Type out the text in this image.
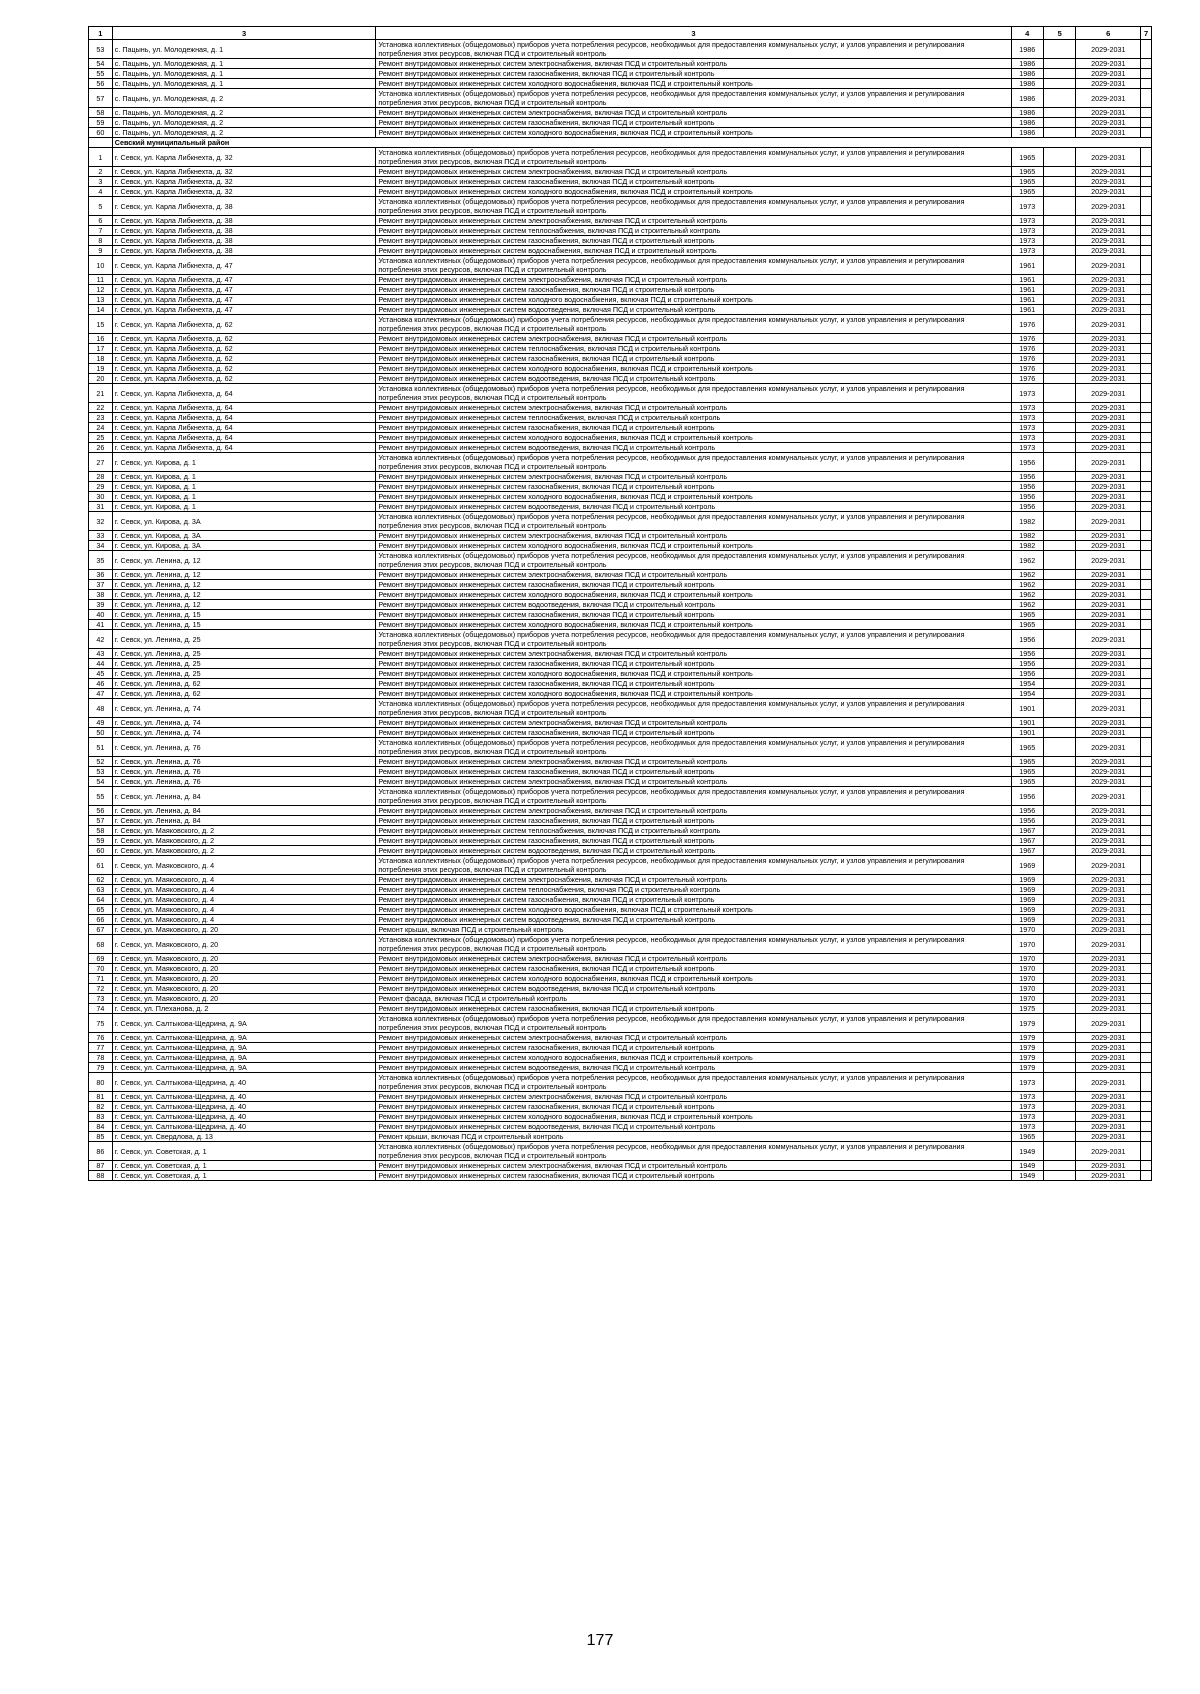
1	3	3	4	5	6	7
53	с. Пацынь, ул. Молодежная, д. 1	Установка коллективных (общедомовых) приборов учета потребления ресурсов, необходимых для предоставления коммунальных услуг, и узлов управления и регулирования потребления этих ресурсов, включая ПСД и строительный контроль	1986		2029-2031	
54	с. Пацынь, ул. Молодежная, д. 1	Ремонт внутридомовых инженерных систем электроснабжения, включая ПСД и строительный контроль	1986		2029-2031	
55	с. Пацынь, ул. Молодежная, д. 1	Ремонт внутридомовых инженерных систем газоснабжения, включая ПСД и строительный контроль	1986		2029-2031	
56	с. Пацынь, ул. Молодежная, д. 1	Ремонт внутридомовых инженерных систем холодного водоснабжения, включая ПСД и строительный контроль	1986		2029-2031	
57	с. Пацынь, ул. Молодежная, д. 2	Установка коллективных (общедомовых) приборов учета потребления ресурсов, необходимых для предоставления коммунальных услуг, и узлов управления и регулирования потребления этих ресурсов, включая ПСД и строительный контроль	1986		2029-2031	
58	с. Пацынь, ул. Молодежная, д. 2	Ремонт внутридомовых инженерных систем электроснабжения, включая ПСД и строительный контроль	1986		2029-2031	
59	с. Пацынь, ул. Молодежная, д. 2	Ремонт внутридомовых инженерных систем газоснабжения, включая ПСД и строительный контроль	1986		2029-2031	
60	с. Пацынь, ул. Молодежная, д. 2	Ремонт внутридомовых инженерных систем холодного водоснабжения, включая ПСД и строительный контроль	1986		2029-2031	
	Севский муниципальный район					
1	г. Севск, ул. Карла Либкнехта, д. 32	Установка коллективных (общедомовых) приборов учета потребления ресурсов, необходимых для предоставления коммунальных услуг, и узлов управления и регулирования потребления этих ресурсов, включая ПСД и строительный контроль	1965		2029-2031	
2	г. Севск, ул. Карла Либкнехта, д. 32	Ремонт внутридомовых инженерных систем электроснабжения, включая ПСД и строительный контроль	1965		2029-2031	
3	г. Севск, ул. Карла Либкнехта, д. 32	Ремонт внутридомовых инженерных систем газоснабжения, включая ПСД и строительный контроль	1965		2029-2031	
4	г. Севск, ул. Карла Либкнехта, д. 32	Ремонт внутридомовых инженерных систем холодного водоснабжения, включая ПСД и строительный контроль	1965		2029-2031	
5	г. Севск, ул. Карла Либкнехта, д. 38	Установка коллективных (общедомовых) приборов учета потребления ресурсов, необходимых для предоставления коммунальных услуг, и узлов управления и регулирования потребления этих ресурсов, включая ПСД и строительный контроль	1973		2029-2031	
6	г. Севск, ул. Карла Либкнехта, д. 38	Ремонт внутридомовых инженерных систем электроснабжения, включая ПСД и строительный контроль	1973		2029-2031	
7	г. Севск, ул. Карла Либкнехта, д. 38	Ремонт внутридомовых инженерных систем теплоснабжения, включая ПСД и строительный контроль	1973		2029-2031	
8	г. Севск, ул. Карла Либкнехта, д. 38	Ремонт внутридомовых инженерных систем газоснабжения, включая ПСД и строительный контроль	1973		2029-2031	
9	г. Севск, ул. Карла Либкнехта, д. 38	Ремонт внутридомовых инженерных систем водоснабжения, включая ПСД и строительный контроль	1973		2029-2031	
10	г. Севск, ул. Карла Либкнехта, д. 47	Установка коллективных (общедомовых) приборов учета потребления ресурсов, необходимых для предоставления коммунальных услуг, и узлов управления и регулирования потребления этих ресурсов, включая ПСД и строительный контроль	1961		2029-2031	
11	г. Севск, ул. Карла Либкнехта, д. 47	Ремонт внутридомовых инженерных систем электроснабжения, включая ПСД и строительный контроль	1961		2029-2031	
12	г. Севск, ул. Карла Либкнехта, д. 47	Ремонт внутридомовых инженерных систем газоснабжения, включая ПСД и строительный контроль	1961		2029-2031	
13	г. Севск, ул. Карла Либкнехта, д. 47	Ремонт внутридомовых инженерных систем холодного водоснабжения, включая ПСД и строительный контроль	1961		2029-2031	
14	г. Севск, ул. Карла Либкнехта, д. 47	Ремонт внутридомовых инженерных систем водоотведения, включая ПСД и строительный контроль	1961		2029-2031	
15	г. Севск, ул. Карла Либкнехта, д. 62	Установка коллективных (общедомовых) приборов учета потребления ресурсов, необходимых для предоставления коммунальных услуг, и узлов управления и регулирования потребления этих ресурсов, включая ПСД и строительный контроль	1976		2029-2031	
16	г. Севск, ул. Карла Либкнехта, д. 62	Ремонт внутридомовых инженерных систем электроснабжения, включая ПСД и строительный контроль	1976		2029-2031	
17	г. Севск, ул. Карла Либкнехта, д. 62	Ремонт внутридомовых инженерных систем теплоснабжения, включая ПСД и строительный контроль	1976		2029-2031	
18	г. Севск, ул. Карла Либкнехта, д. 62	Ремонт внутридомовых инженерных систем газоснабжения, включая ПСД и строительный контроль	1976		2029-2031	
19	г. Севск, ул. Карла Либкнехта, д. 62	Ремонт внутридомовых инженерных систем холодного водоснабжения, включая ПСД и строительный контроль	1976		2029-2031	
20	г. Севск, ул. Карла Либкнехта, д. 62	Ремонт внутридомовых инженерных систем водоотведения, включая ПСД и строительный контроль	1976		2029-2031	
21	г. Севск, ул. Карла Либкнехта, д. 64	Установка коллективных (общедомовых) приборов учета потребления ресурсов, необходимых для предоставления коммунальных услуг, и узлов управления и регулирования потребления этих ресурсов, включая ПСД и строительный контроль	1973		2029-2031	
22	г. Севск, ул. Карла Либкнехта, д. 64	Ремонт внутридомовых инженерных систем электроснабжения, включая ПСД и строительный контроль	1973		2029-2031	
23	г. Севск, ул. Карла Либкнехта, д. 64	Ремонт внутридомовых инженерных систем теплоснабжения, включая ПСД и строительный контроль	1973		2029-2031	
24	г. Севск, ул. Карла Либкнехта, д. 64	Ремонт внутридомовых инженерных систем газоснабжения, включая ПСД и строительный контроль	1973		2029-2031	
25	г. Севск, ул. Карла Либкнехта, д. 64	Ремонт внутридомовых инженерных систем холодного водоснабжения, включая ПСД и строительный контроль	1973		2029-2031	
26	г. Севск, ул. Карла Либкнехта, д. 64	Ремонт внутридомовых инженерных систем водоотведения, включая ПСД и строительный контроль	1973		2029-2031	
27	г. Севск, ул. Кирова, д. 1	Установка коллективных (общедомовых) приборов учета потребления ресурсов, необходимых для предоставления коммунальных услуг, и узлов управления и регулирования потребления этих ресурсов, включая ПСД и строительный контроль	1956		2029-2031	
28	г. Севск, ул. Кирова, д. 1	Ремонт внутридомовых инженерных систем электроснабжения, включая ПСД и строительный контроль	1956		2029-2031	
29	г. Севск, ул. Кирова, д. 1	Ремонт внутридомовых инженерных систем газоснабжения, включая ПСД и строительный контроль	1956		2029-2031	
30	г. Севск, ул. Кирова, д. 1	Ремонт внутридомовых инженерных систем холодного водоснабжения, включая ПСД и строительный контроль	1956		2029-2031	
31	г. Севск, ул. Кирова, д. 1	Ремонт внутридомовых инженерных систем водоотведения, включая ПСД и строительный контроль	1956		2029-2031	
32	г. Севск, ул. Кирова, д. 3А	Установка коллективных (общедомовых) приборов учета потребления ресурсов, необходимых для предоставления коммунальных услуг, и узлов управления и регулирования потребления этих ресурсов, включая ПСД и строительный контроль	1982		2029-2031	
33	г. Севск, ул. Кирова, д. 3А	Ремонт внутридомовых инженерных систем электроснабжения, включая ПСД и строительный контроль	1982		2029-2031	
34	г. Севск, ул. Кирова, д. 3А	Ремонт внутридомовых инженерных систем холодного водоснабжения, включая ПСД и строительный контроль	1982		2029-2031	
35	г. Севск, ул. Ленина, д. 12	Установка коллективных (общедомовых) приборов учета потребления ресурсов, необходимых для предоставления коммунальных услуг, и узлов управления и регулирования потребления этих ресурсов, включая ПСД и строительный контроль	1962		2029-2031	
36	г. Севск, ул. Ленина, д. 12	Ремонт внутридомовых инженерных систем электроснабжения, включая ПСД и строительный контроль	1962		2029-2031	
37	г. Севск, ул. Ленина, д. 12	Ремонт внутридомовых инженерных систем газоснабжения, включая ПСД и строительный контроль	1962		2029-2031	
38	г. Севск, ул. Ленина, д. 12	Ремонт внутридомовых инженерных систем холодного водоснабжения, включая ПСД и строительный контроль	1962		2029-2031	
39	г. Севск, ул. Ленина, д. 12	Ремонт внутридомовых инженерных систем водоотведения, включая ПСД и строительный контроль	1962		2029-2031	
40	г. Севск, ул. Ленина, д. 15	Ремонт внутридомовых инженерных систем газоснабжения, включая ПСД и строительный контроль	1965		2029-2031	
41	г. Севск, ул. Ленина, д. 15	Ремонт внутридомовых инженерных систем холодного водоснабжения, включая ПСД и строительный контроль	1965		2029-2031	
42	г. Севск, ул. Ленина, д. 25	Установка коллективных (общедомовых) приборов учета потребления ресурсов, необходимых для предоставления коммунальных услуг, и узлов управления и регулирования потребления этих ресурсов, включая ПСД и строительный контроль	1956		2029-2031	
43	г. Севск, ул. Ленина, д. 25	Ремонт внутридомовых инженерных систем электроснабжения, включая ПСД и строительный контроль	1956		2029-2031	
44	г. Севск, ул. Ленина, д. 25	Ремонт внутридомовых инженерных систем газоснабжения, включая ПСД и строительный контроль	1956		2029-2031	
45	г. Севск, ул. Ленина, д. 25	Ремонт внутридомовых инженерных систем холодного водоснабжения, включая ПСД и строительный контроль	1956		2029-2031	
46	г. Севск, ул. Ленина, д. 62	Ремонт внутридомовых инженерных систем газоснабжения, включая ПСД и строительный контроль	1954		2029-2031	
47	г. Севск, ул. Ленина, д. 62	Ремонт внутридомовых инженерных систем холодного водоснабжения, включая ПСД и строительный контроль	1954		2029-2031	
48	г. Севск, ул. Ленина, д. 74	Установка коллективных (общедомовых) приборов учета потребления ресурсов, необходимых для предоставления коммунальных услуг, и узлов управления и регулирования потребления этих ресурсов, включая ПСД и строительный контроль	1901		2029-2031	
49	г. Севск, ул. Ленина, д. 74	Ремонт внутридомовых инженерных систем электроснабжения, включая ПСД и строительный контроль	1901		2029-2031	
50	г. Севск, ул. Ленина, д. 74	Ремонт внутридомовых инженерных систем газоснабжения, включая ПСД и строительный контроль	1901		2029-2031	
51	г. Севск, ул. Ленина, д. 76	Установка коллективных (общедомовых) приборов учета потребления ресурсов, необходимых для предоставления коммунальных услуг, и узлов управления и регулирования потребления этих ресурсов, включая ПСД и строительный контроль	1965		2029-2031	
52	г. Севск, ул. Ленина, д. 76	Ремонт внутридомовых инженерных систем электроснабжения, включая ПСД и строительный контроль	1965		2029-2031	
53	г. Севск, ул. Ленина, д. 76	Ремонт внутридомовых инженерных систем газоснабжения, включая ПСД и строительный контроль	1965		2029-2031	
54	г. Севск, ул. Ленина, д. 76	Ремонт внутридомовых инженерных систем электроснабжения, включая ПСД и строительный контроль	1965		2029-2031	
55	г. Севск, ул. Ленина, д. 84	Установка коллективных (общедомовых) приборов учета потребления ресурсов, необходимых для предоставления коммунальных услуг, и узлов управления и регулирования потребления этих ресурсов, включая ПСД и строительный контроль	1956		2029-2031	
56	г. Севск, ул. Ленина, д. 84	Ремонт внутридомовых инженерных систем электроснабжения, включая ПСД и строительный контроль	1956		2029-2031	
57	г. Севск, ул. Ленина, д. 84	Ремонт внутридомовых инженерных систем газоснабжения, включая ПСД и строительный контроль	1956		2029-2031	
58	г. Севск, ул. Маяковского, д. 2	Ремонт внутридомовых инженерных систем теплоснабжения, включая ПСД и строительный контроль	1967		2029-2031	
59	г. Севск, ул. Маяковского, д. 2	Ремонт внутридомовых инженерных систем газоснабжения, включая ПСД и строительный контроль	1967		2029-2031	
60	г. Севск, ул. Маяковского, д. 2	Ремонт внутридомовых инженерных систем водоотведения, включая ПСД и строительный контроль	1967		2029-2031	
61	г. Севск, ул. Маяковского, д. 4	Установка коллективных (общедомовых) приборов учета потребления ресурсов, необходимых для предоставления коммунальных услуг, и узлов управления и регулирования потребления этих ресурсов, включая ПСД и строительный контроль	1969		2029-2031	
62	г. Севск, ул. Маяковского, д. 4	Ремонт внутридомовых инженерных систем электроснабжения, включая ПСД и строительный контроль	1969		2029-2031	
63	г. Севск, ул. Маяковского, д. 4	Ремонт внутридомовых инженерных систем теплоснабжения, включая ПСД и строительный контроль	1969		2029-2031	
64	г. Севск, ул. Маяковского, д. 4	Ремонт внутридомовых инженерных систем газоснабжения, включая ПСД и строительный контроль	1969		2029-2031	
65	г. Севск, ул. Маяковского, д. 4	Ремонт внутридомовых инженерных систем холодного водоснабжения, включая ПСД и строительный контроль	1969		2029-2031	
66	г. Севск, ул. Маяковского, д. 4	Ремонт внутридомовых инженерных систем водоотведения, включая ПСД и строительный контроль	1969		2029-2031	
67	г. Севск, ул. Маяковского, д. 20	Ремонт крыши, включая ПСД и строительный контроль	1970		2029-2031	
68	г. Севск, ул. Маяковского, д. 20	Установка коллективных (общедомовых) приборов учета потребления ресурсов, необходимых для предоставления коммунальных услуг, и узлов управления и регулирования потребления этих ресурсов, включая ПСД и строительный контроль	1970		2029-2031	
69	г. Севск, ул. Маяковского, д. 20	Ремонт внутридомовых инженерных систем электроснабжения, включая ПСД и строительный контроль	1970		2029-2031	
70	г. Севск, ул. Маяковского, д. 20	Ремонт внутридомовых инженерных систем газоснабжения, включая ПСД и строительный контроль	1970		2029-2031	
71	г. Севск, ул. Маяковского, д. 20	Ремонт внутридомовых инженерных систем холодного водоснабжения, включая ПСД и строительный контроль	1970		2029-2031	
72	г. Севск, ул. Маяковского, д. 20	Ремонт внутридомовых инженерных систем водоотведения, включая ПСД и строительный контроль	1970		2029-2031	
73	г. Севск, ул. Маяковского, д. 20	Ремонт фасада, включая ПСД и строительный контроль	1970		2029-2031	
74	г. Севск, ул. Плеханова, д. 2	Ремонт внутридомовых инженерных систем газоснабжения, включая ПСД и строительный контроль	1975		2029-2031	
75	г. Севск, ул. Салтыкова-Щедрина, д. 9А	Установка коллективных (общедомовых) приборов учета потребления ресурсов, необходимых для предоставления коммунальных услуг, и узлов управления и регулирования потребления этих ресурсов, включая ПСД и строительный контроль	1979		2029-2031	
76	г. Севск, ул. Салтыкова-Щедрина, д. 9А	Ремонт внутридомовых инженерных систем электроснабжения, включая ПСД и строительный контроль	1979		2029-2031	
77	г. Севск, ул. Салтыкова-Щедрина, д. 9А	Ремонт внутридомовых инженерных систем газоснабжения, включая ПСД и строительный контроль	1979		2029-2031	
78	г. Севск, ул. Салтыкова-Щедрина, д. 9А	Ремонт внутридомовых инженерных систем холодного водоснабжения, включая ПСД и строительный контроль	1979		2029-2031	
79	г. Севск, ул. Салтыкова-Щедрина, д. 9А	Ремонт внутридомовых инженерных систем водоотведения, включая ПСД и строительный контроль	1979		2029-2031	
80	г. Севск, ул. Салтыкова-Щедрина, д. 40	Установка коллективных (общедомовых) приборов учета потребления ресурсов, необходимых для предоставления коммунальных услуг, и узлов управления и регулирования потребления этих ресурсов, включая ПСД и строительный контроль	1973		2029-2031	
81	г. Севск, ул. Салтыкова-Щедрина, д. 40	Ремонт внутридомовых инженерных систем электроснабжения, включая ПСД и строительный контроль	1973		2029-2031	
82	г. Севск, ул. Салтыкова-Щедрина, д. 40	Ремонт внутридомовых инженерных систем газоснабжения, включая ПСД и строительный контроль	1973		2029-2031	
83	г. Севск, ул. Салтыкова-Щедрина, д. 40	Ремонт внутридомовых инженерных систем холодного водоснабжения, включая ПСД и строительный контроль	1973		2029-2031	
84	г. Севск, ул. Салтыкова-Щедрина, д. 40	Ремонт внутридомовых инженерных систем водоотведения, включая ПСД и строительный контроль	1973		2029-2031	
85	г. Севск, ул. Свердлова, д. 13	Ремонт крыши, включая ПСД и строительный контроль	1965		2029-2031	
86	г. Севск, ул. Советская, д. 1	Установка коллективных (общедомовых) приборов учета потребления ресурсов, необходимых для предоставления коммунальных услуг, и узлов управления и регулирования потребления этих ресурсов, включая ПСД и строительный контроль	1949		2029-2031	
87	г. Севск, ул. Советская, д. 1	Ремонт внутридомовых инженерных систем электроснабжения, включая ПСД и строительный контроль	1949		2029-2031	
88	г. Севск, ул. Советская, д. 1	Ремонт внутридомовых инженерных систем газоснабжения, включая ПСД и строительный контроль	1949		2029-2031	
177
